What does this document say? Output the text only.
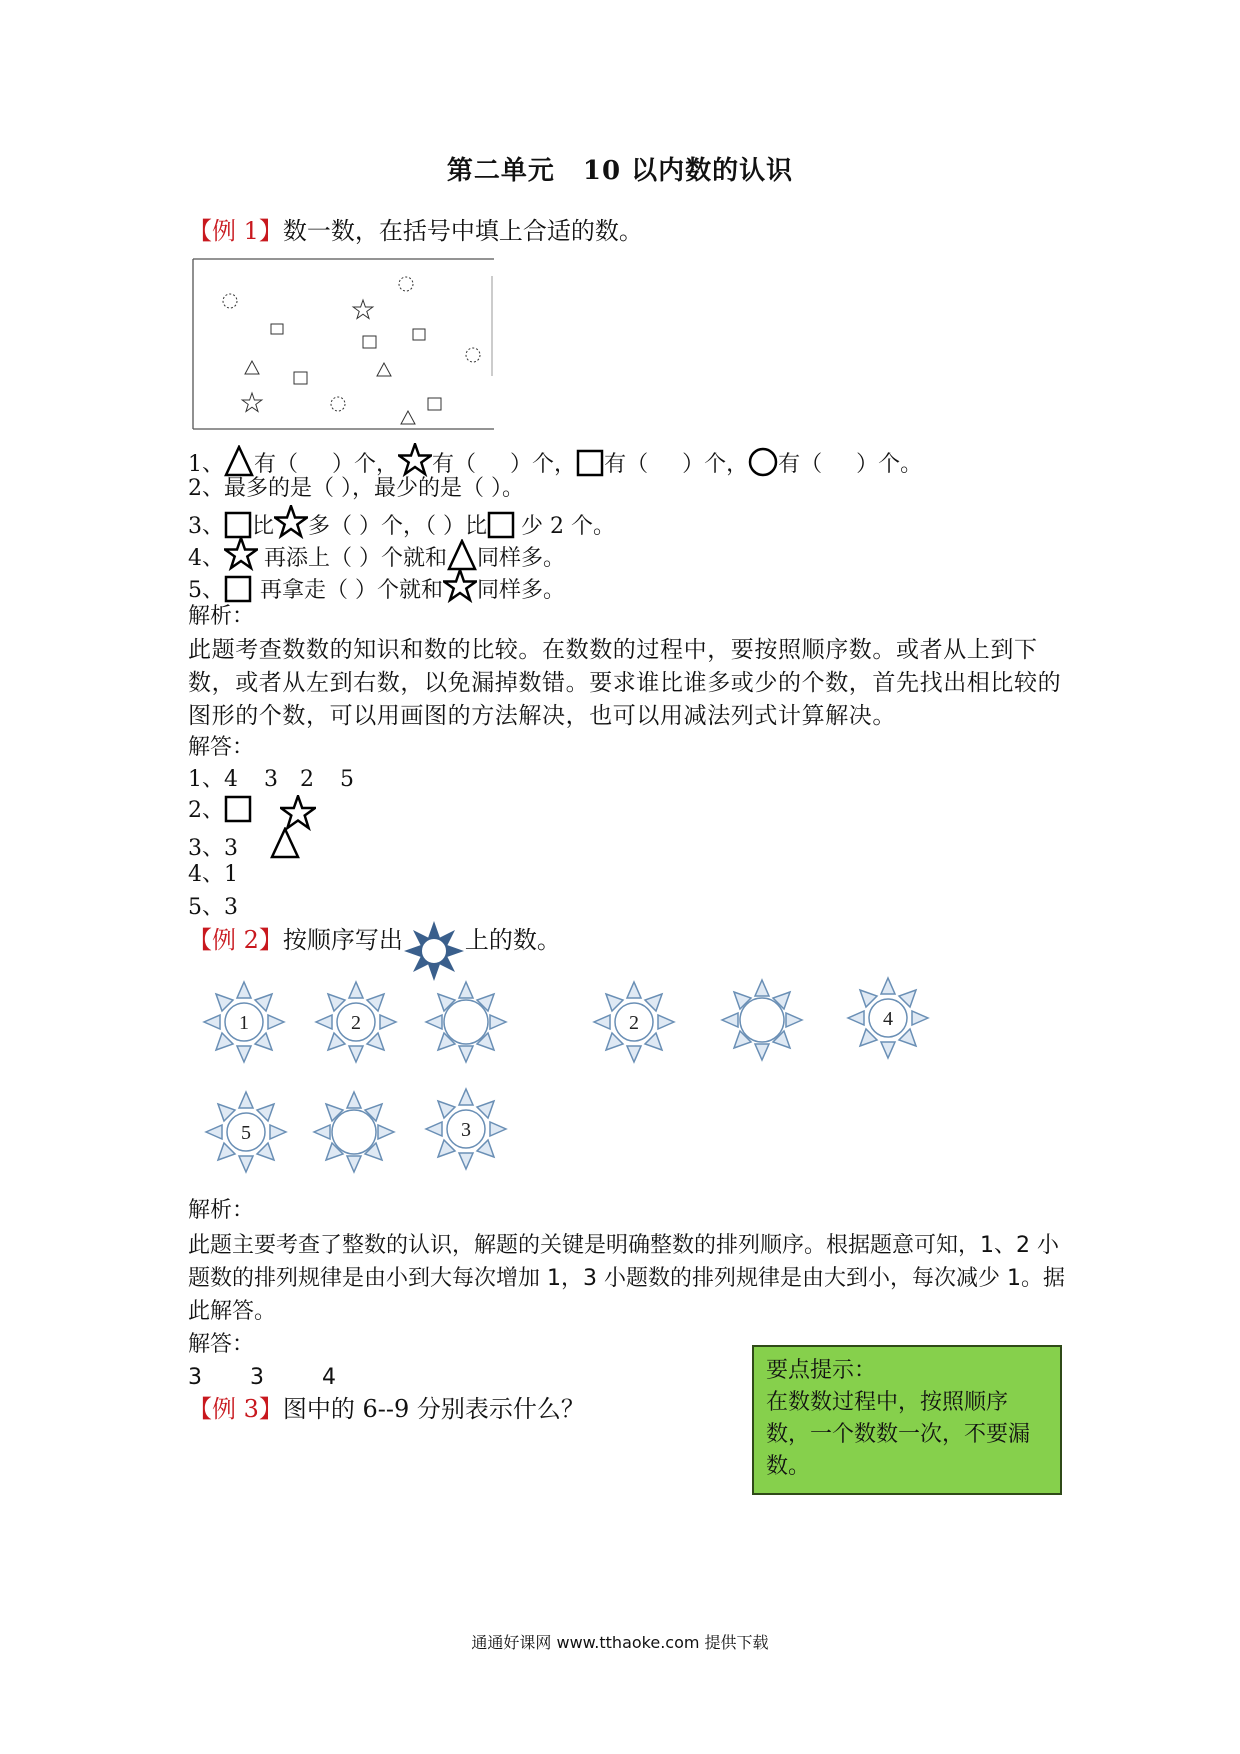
第二单元 10 以内数的认识
【例 1】数一数，在括号中填上合适的数。
1、 有（ ）个， 有（ ）个， 有（ ）个， 有（ ）个。
2、最多的是（ ），最少的是（ ）。
3、 比 多（ ）个，（ ）比 少 2 个。
4、 再添上（ ）个就和 同样多。
5、 再拿走（ ）个就和 同样多。
解析：
此题考查数数的知识和数的比较。在数数的过程中，要按照顺序数。或者从上到下数，或者从左到右数，以免漏掉数错。要求谁比谁多或少的个数，首先找出相比较的图形的个数，可以用画图的方法解决，也可以用减法列式计算解决。
解答：
1、4 3 2 5
2、
3、3
4、1
5、3
【例 2】按顺序写出	上的数。
1	2	2	4
5	3
解析：
此题主要考查了整数的认识，解题的关键是明确整数的排列顺序。根据题意可知，1、2 小题数的排列规律是由小到大每次增加 1，3 小题数的排列规律是由大到小，每次减少 1。据此解答。
解答：
3 3	4
【例 3】图中的 6--9 分别表示什么？
要点提示：
在数数过程中，按照顺序数，一个数数一次，不要漏数。
通通好课网 www.tthaoke.com 提供下载
